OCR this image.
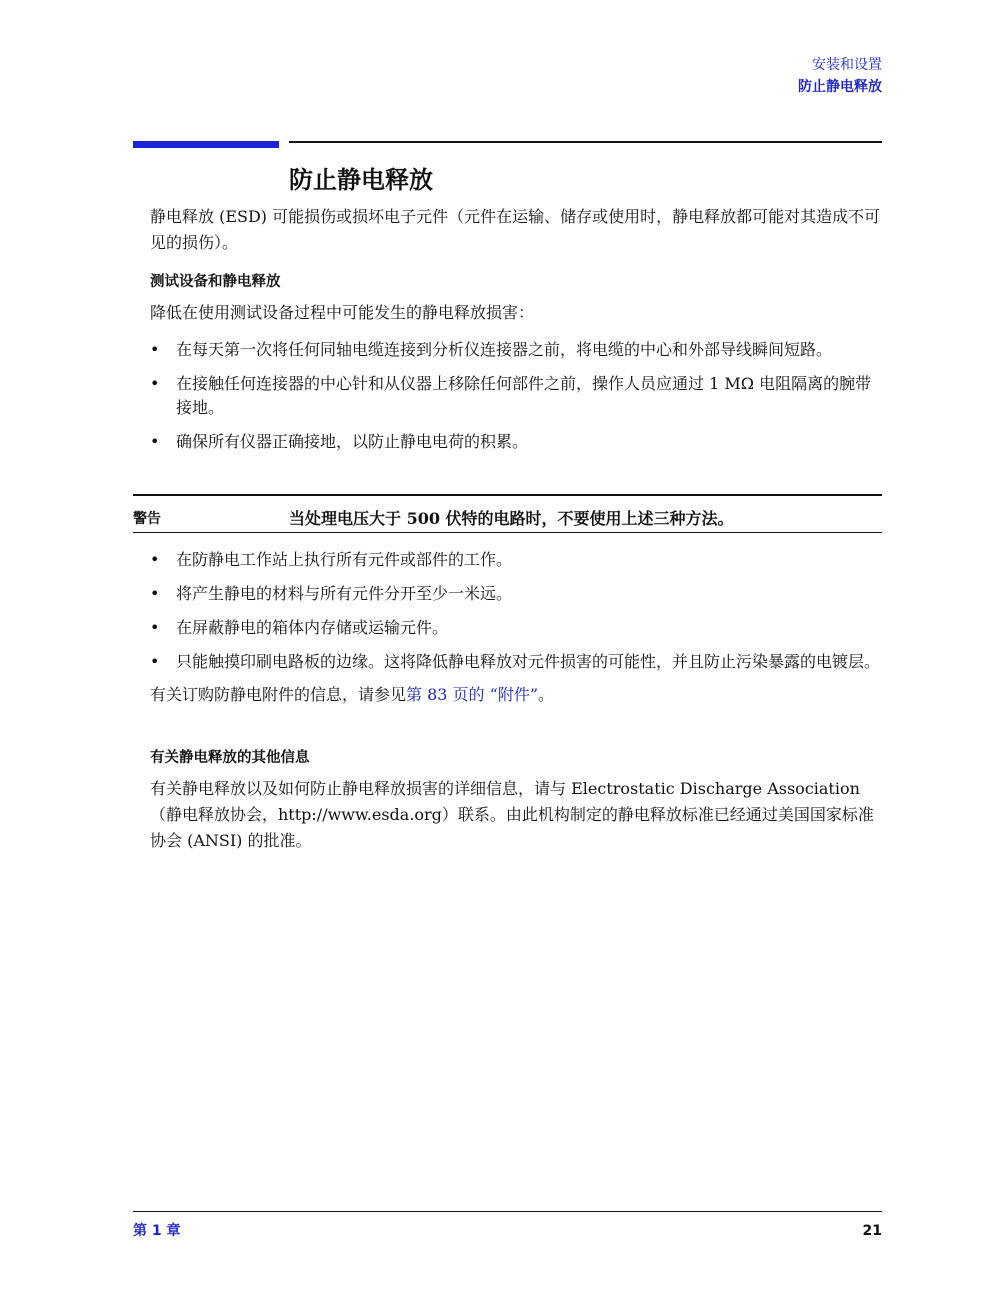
安装和设置
防止静电释放
防止静电释放

静电释放 (ESD) 可能损伤或损坏电子元件（元件在运输、储存或使用时，静电释放都可能对其造成不可见的损伤）。

测试设备和静电释放

降低在使用测试设备过程中可能发生的静电释放损害：

• 在每天第一次将任何同轴电缆连接到分析仪连接器之前，将电缆的中心和外部导线瞬间短路。
• 在接触任何连接器的中心针和从仪器上移除任何部件之前，操作人员应通过 1 MΩ 电阻隔离的腕带接地。
• 确保所有仪器正确接地，以防止静电电荷的积累。
警告	当处理电压大于 500 伏特的电路时，不要使用上述三种方法。
• 在防静电工作站上执行所有元件或部件的工作。
• 将产生静电的材料与所有元件分开至少一米远。
• 在屏蔽静电的箱体内存储或运输元件。
• 只能触摸印刷电路板的边缘。这将降低静电释放对元件损害的可能性，并且防止污染暴露的电镀层。

有关订购防静电附件的信息，请参见第 83 页的 “附件”。

有关静电释放的其他信息

有关静电释放以及如何防止静电释放损害的详细信息，请与 Electrostatic Discharge Association（静电释放协会，http://www.esda.org）联系。由此机构制定的静电释放标准已经通过美国国家标准协会 (ANSI) 的批准。

第 1 章	21
